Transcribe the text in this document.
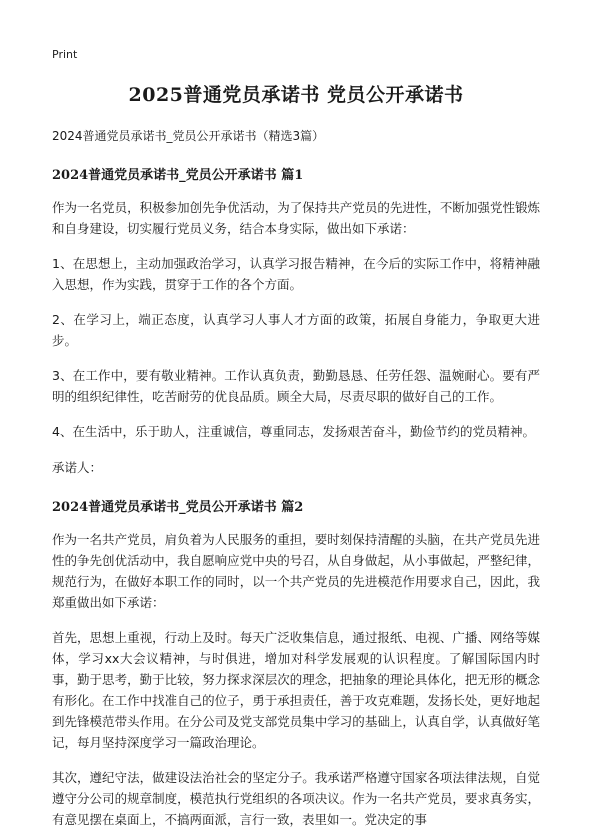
Print
2025普通党员承诺书 党员公开承诺书
2024普通党员承诺书_党员公开承诺书（精选3篇）
2024普通党员承诺书_党员公开承诺书 篇1
作为一名党员，积极参加创先争优活动，为了保持共产党员的先进性，不断加强党性锻炼和自身建设，切实履行党员义务，结合本身实际，做出如下承诺：
1、在思想上，主动加强政治学习，认真学习报告精神，在今后的实际工作中，将精神融入思想，作为实践，贯穿于工作的各个方面。
2、在学习上，端正态度，认真学习人事人才方面的政策，拓展自身能力，争取更大进步。
3、在工作中，要有敬业精神。工作认真负责，勤勤恳恳、任劳任怨、温婉耐心。要有严明的组织纪律性，吃苦耐劳的优良品质。顾全大局，尽责尽职的做好自己的工作。
4、在生活中，乐于助人，注重诚信，尊重同志，发扬艰苦奋斗，勤俭节约的党员精神。
承诺人：
2024普通党员承诺书_党员公开承诺书 篇2
作为一名共产党员，肩负着为人民服务的重担，要时刻保持清醒的头脑，在共产党员先进性的争先创优活动中，我自愿响应党中央的号召，从自身做起，从小事做起，严整纪律，规范行为，在做好本职工作的同时，以一个共产党员的先进模范作用要求自己，因此，我郑重做出如下承诺：
首先，思想上重视，行动上及时。每天广泛收集信息，通过报纸、电视、广播、网络等媒体，学习xx大会议精神，与时俱进，增加对科学发展观的认识程度。了解国际国内时事，勤于思考，勤于比较，努力探求深层次的理念，把抽象的理论具体化，把无形的概念有形化。在工作中找准自己的位子，勇于承担责任，善于攻克难题，发扬长处，更好地起到先锋模范带头作用。在分公司及党支部党员集中学习的基础上，认真自学，认真做好笔记，每月坚持深度学习一篇政治理论。
其次，遵纪守法，做建设法治社会的坚定分子。我承诺严格遵守国家各项法律法规，自觉遵守分公司的规章制度，模范执行党组织的各项决议。作为一名共产党员，要求真务实，有意见摆在桌面上，不搞两面派，言行一致，表里如一。党决定的事
